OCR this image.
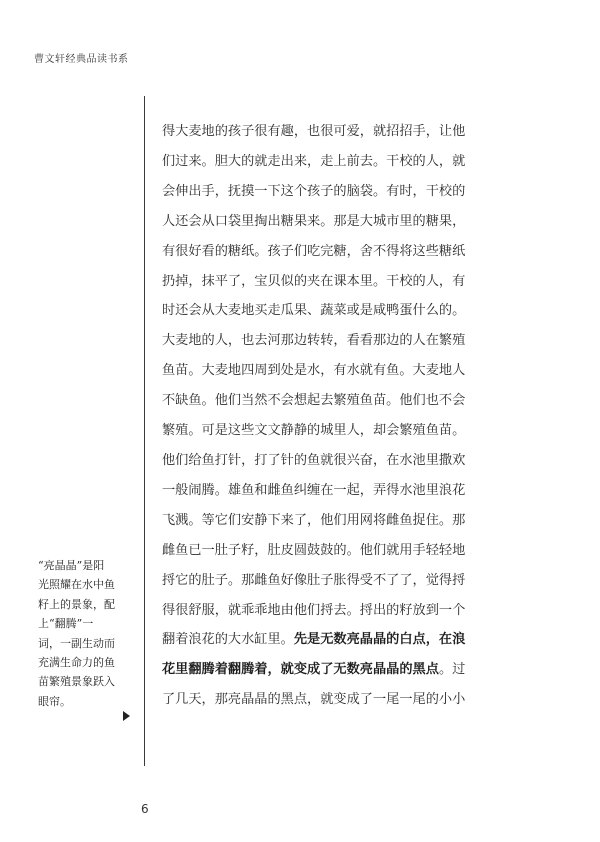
曹文轩经典品读书系
得大麦地的孩子很有趣，也很可爱，就招招手，让他
们过来。胆大的就走出来，走上前去。干校的人，就
会伸出手，抚摸一下这个孩子的脑袋。有时，干校的
人还会从口袋里掏出糖果来。那是大城市里的糖果，
有很好看的糖纸。孩子们吃完糖，舍不得将这些糖纸
扔掉，抹平了，宝贝似的夹在课本里。干校的人，有
时还会从大麦地买走瓜果、蔬菜或是咸鸭蛋什么的。
大麦地的人，也去河那边转转，看看那边的人在繁殖
鱼苗。大麦地四周到处是水，有水就有鱼。大麦地人
不缺鱼。他们当然不会想起去繁殖鱼苗。他们也不会
繁殖。可是这些文文静静的城里人，却会繁殖鱼苗。
他们给鱼打针，打了针的鱼就很兴奋，在水池里撒欢
一般闹腾。雄鱼和雌鱼纠缠在一起，弄得水池里浪花
飞溅。等它们安静下来了，他们用网将雌鱼捉住。那
雌鱼已一肚子籽，肚皮圆鼓鼓的。他们就用手轻轻地
捋它的肚子。那雌鱼好像肚子胀得受不了了，觉得捋
得很舒服，就乖乖地由他们捋去。捋出的籽放到一个
翻着浪花的大水缸里。先是无数亮晶晶的白点，在浪
花里翻腾着翻腾着，就变成了无数亮晶晶的黑点。过
了几天，那亮晶晶的黑点，就变成了一尾一尾的小小
“亮晶晶”是阳
光照耀在水中鱼
籽上的景象，配
上“翻腾”一
词，一副生动而
充满生命力的鱼
苗繁殖景象跃入
眼帘。
6
